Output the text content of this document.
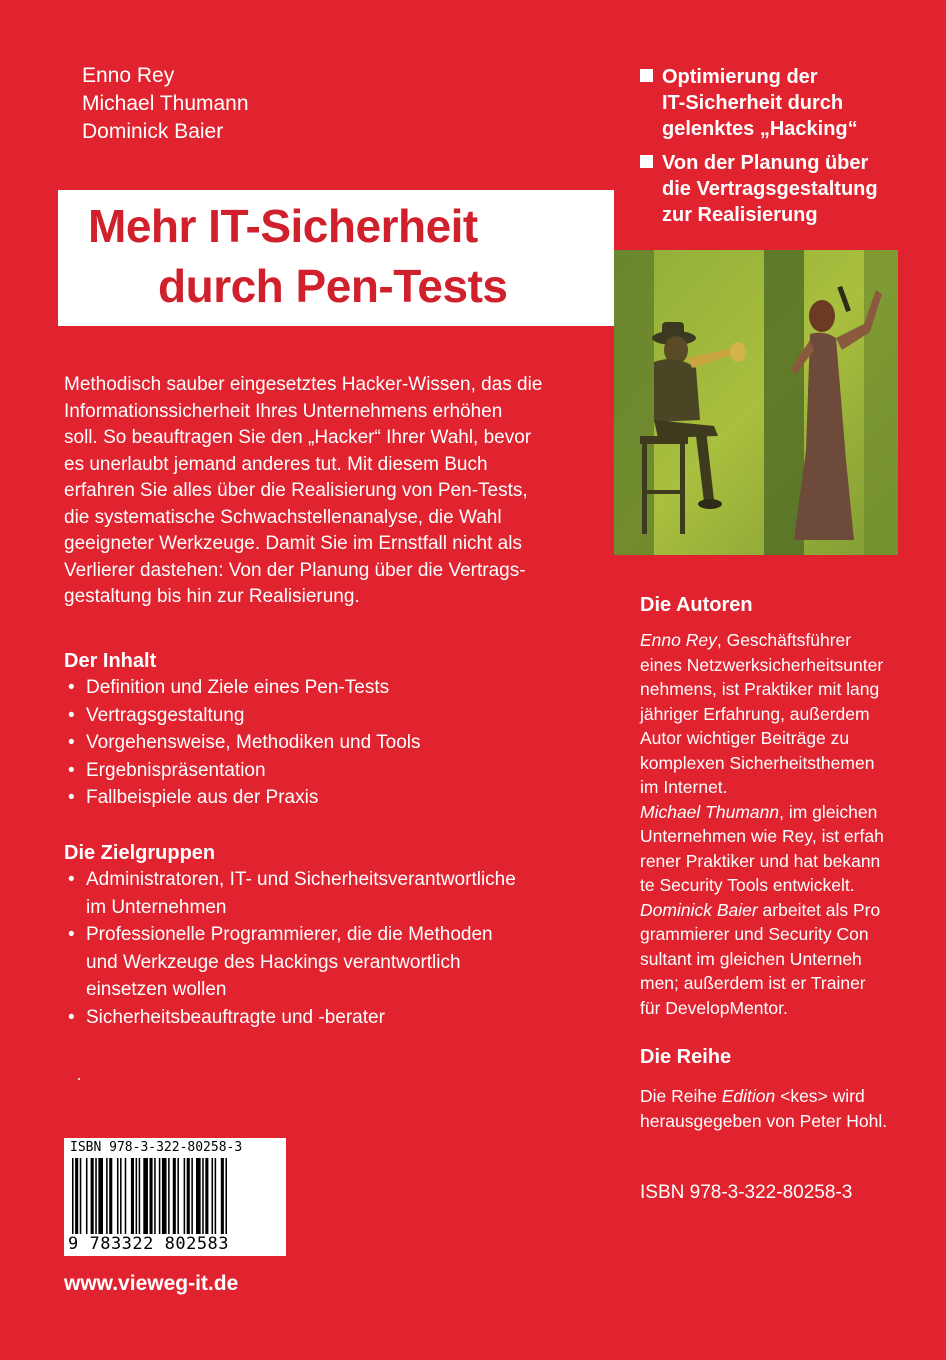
Enno Rey
Michael Thumann
Dominick Baier
Mehr IT-Sicherheit
durch Pen-Tests
Optimierung der
IT-Sicherheit durch
gelenktes „Hacking“
Von der Planung über
die Vertragsgestaltung
zur Realisierung
Methodisch sauber eingesetztes Hacker-Wissen, das die
Informationssicherheit Ihres Unternehmens erhöhen
soll. So beauftragen Sie den „Hacker“ Ihrer Wahl, bevor
es unerlaubt jemand anderes tut. Mit diesem Buch
erfahren Sie alles über die Realisierung von Pen-Tests,
die systematische Schwachstellenanalyse, die Wahl
geeigneter Werkzeuge. Damit Sie im Ernstfall nicht als
Verlierer dastehen: Von der Planung über die Vertrags-
gestaltung bis hin zur Realisierung.
Der Inhalt
• Definition und Ziele eines Pen-Tests
• Vertragsgestaltung
• Vorgehensweise, Methodiken und Tools
• Ergebnispräsentation
• Fallbeispiele aus der Praxis
Die Zielgruppen
• Administratoren, IT- und Sicherheitsverantwortliche
im Unternehmen
• Professionelle Programmierer, die die Methoden
und Werkzeuge des Hackings verantwortlich
einsetzen wollen
• Sicherheitsbeauftragte und -berater
Die Autoren
Enno Rey, Geschäftsführer
eines Netzwerksicherheitsunter
nehmens, ist Praktiker mit lang
jähriger Erfahrung, außerdem
Autor wichtiger Beiträge zu
komplexen Sicherheitsthemen
im Internet.
Michael Thumann, im gleichen
Unternehmen wie Rey, ist erfah
rener Praktiker und hat bekann
te Security Tools entwickelt.
Dominick Baier arbeitet als Pro
grammierer und Security Con
sultant im gleichen Unterneh
men; außerdem ist er Trainer
für DevelopMentor.
Die Reihe
Die Reihe Edition <kes> wird
herausgegeben von Peter Hohl.
ISBN 978-3-322-80258-3
ISBN 978-3-322-80258-3
9 783322 802583
www.vieweg-it.de
